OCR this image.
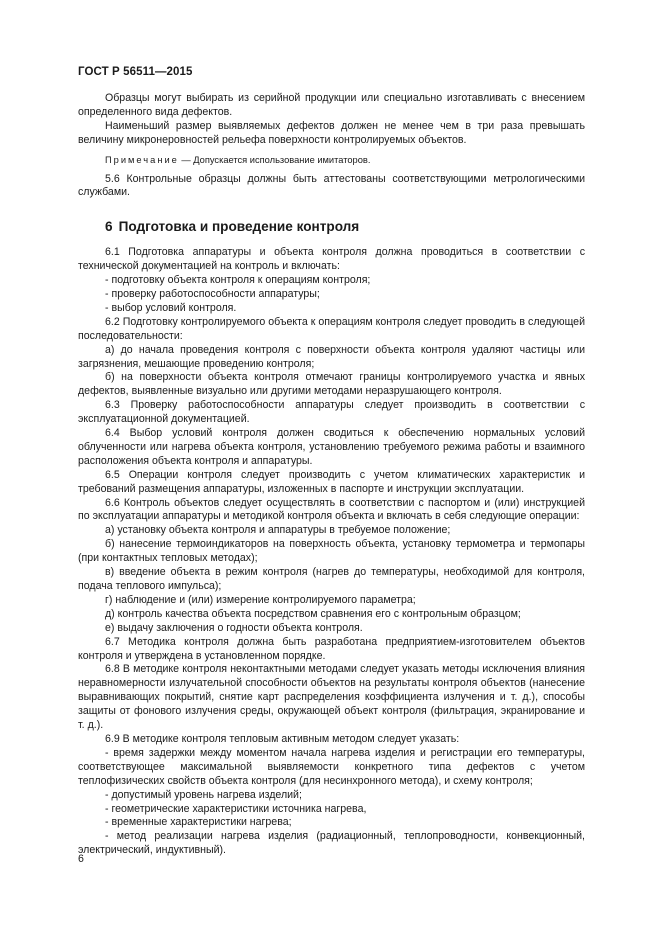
ГОСТ Р 56511—2015

Образцы могут выбирать из серийной продукции или специально изготавливать с внесением определенного вида дефектов.

Наименьший размер выявляемых дефектов должен не менее чем в три раза превышать величину микронеровностей рельефа поверхности контролируемых объектов.

Примечание — Допускается использование имитаторов.

5.6 Контрольные образцы должны быть аттестованы соответствующими метрологическими службами.

6 Подготовка и проведение контроля

6.1 Подготовка аппаратуры и объекта контроля должна проводиться в соответствии с технической документацией на контроль и включать:

- подготовку объекта контроля к операциям контроля;

- проверку работоспособности аппаратуры;

- выбор условий контроля.

6.2 Подготовку контролируемого объекта к операциям контроля следует проводить в следующей последовательности:

а) до начала проведения контроля с поверхности объекта контроля удаляют частицы или загрязнения, мешающие проведению контроля;

б) на поверхности объекта контроля отмечают границы контролируемого участка и явных дефектов, выявленные визуально или другими методами неразрушающего контроля.

6.3 Проверку работоспособности аппаратуры следует производить в соответствии с эксплуатационной документацией.

6.4 Выбор условий контроля должен сводиться к обеспечению нормальных условий облученности или нагрева объекта контроля, установлению требуемого режима работы и взаимного расположения объекта контроля и аппаратуры.

6.5 Операции контроля следует производить с учетом климатических характеристик и требований размещения аппаратуры, изложенных в паспорте и инструкции эксплуатации.

6.6 Контроль объектов следует осуществлять в соответствии с паспортом и (или) инструкцией по эксплуатации аппаратуры и методикой контроля объекта и включать в себя следующие операции:

а) установку объекта контроля и аппаратуры в требуемое положение;

б) нанесение термоиндикаторов на поверхность объекта, установку термометра и термопары (при контактных тепловых методах);

в) введение объекта в режим контроля (нагрев до температуры, необходимой для контроля, подача теплового импульса);

г) наблюдение и (или) измерение контролируемого параметра;

д) контроль качества объекта посредством сравнения его с контрольным образцом;

е) выдачу заключения о годности объекта контроля.

6.7 Методика контроля должна быть разработана предприятием-изготовителем объектов контроля и утверждена в установленном порядке.

6.8 В методике контроля неконтактными методами следует указать методы исключения влияния неравномерности излучательной способности объектов на результаты контроля объектов (нанесение выравнивающих покрытий, снятие карт распределения коэффициента излучения и т. д.), способы защиты от фонового излучения среды, окружающей объект контроля (фильтрация, экранирование и т. д.).

6.9 В методике контроля тепловым активным методом следует указать:

- время задержки между моментом начала нагрева изделия и регистрации его температуры, соответствующее максимальной выявляемости конкретного типа дефектов с учетом теплофизических свойств объекта контроля (для несинхронного метода), и схему контроля;

- допустимый уровень нагрева изделий;

- геометрические характеристики источника нагрева,

- временные характеристики нагрева;

- метод реализации нагрева изделия (радиационный, теплопроводности, конвекционный, электрический, индуктивный).

6
